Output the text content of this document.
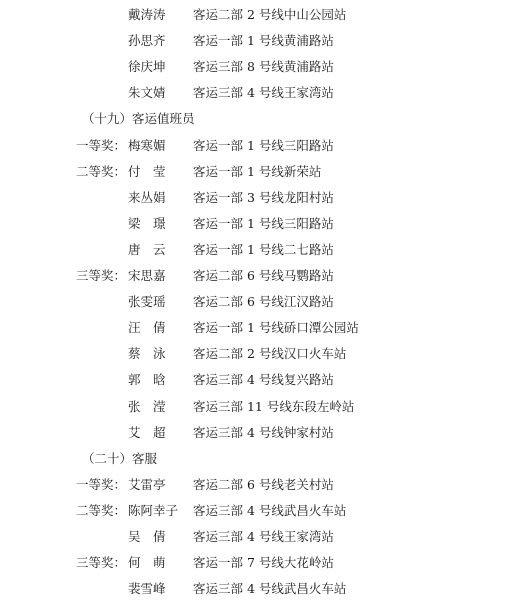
戴涛涛 客运二部 2 号线中山公园站
孙思齐 客运一部 1 号线黄浦路站
徐庆坤 客运三部 8 号线黄浦路站
朱文婧 客运三部 4 号线王家湾站
（十九）客运值班员
一等奖： 梅寒媚 客运一部 1 号线三阳路站
二等奖： 付　莹 客运一部 1 号线新荣站
来丛娟 客运一部 3 号线龙阳村站
梁　璟 客运一部 1 号线三阳路站
唐　云 客运一部 1 号线二七路站
三等奖： 宋思嘉 客运二部 6 号线马鹦路站
张雯瑶 客运二部 6 号线江汉路站
汪　倩 客运一部 1 号线硚口潭公园站
蔡　泳 客运二部 2 号线汉口火车站
郭　晗 客运三部 4 号线复兴路站
张　滢 客运三部 11 号线东段左岭站
艾　超 客运三部 4 号线钟家村站
（二十）客服
一等奖： 艾雷亭 客运二部 6 号线老关村站
二等奖： 陈阿幸子 客运三部 4 号线武昌火车站
吴　倩 客运三部 4 号线王家湾站
三等奖： 何　萌 客运一部 7 号线大花岭站
裴雪峰 客运三部 4 号线武昌火车站
